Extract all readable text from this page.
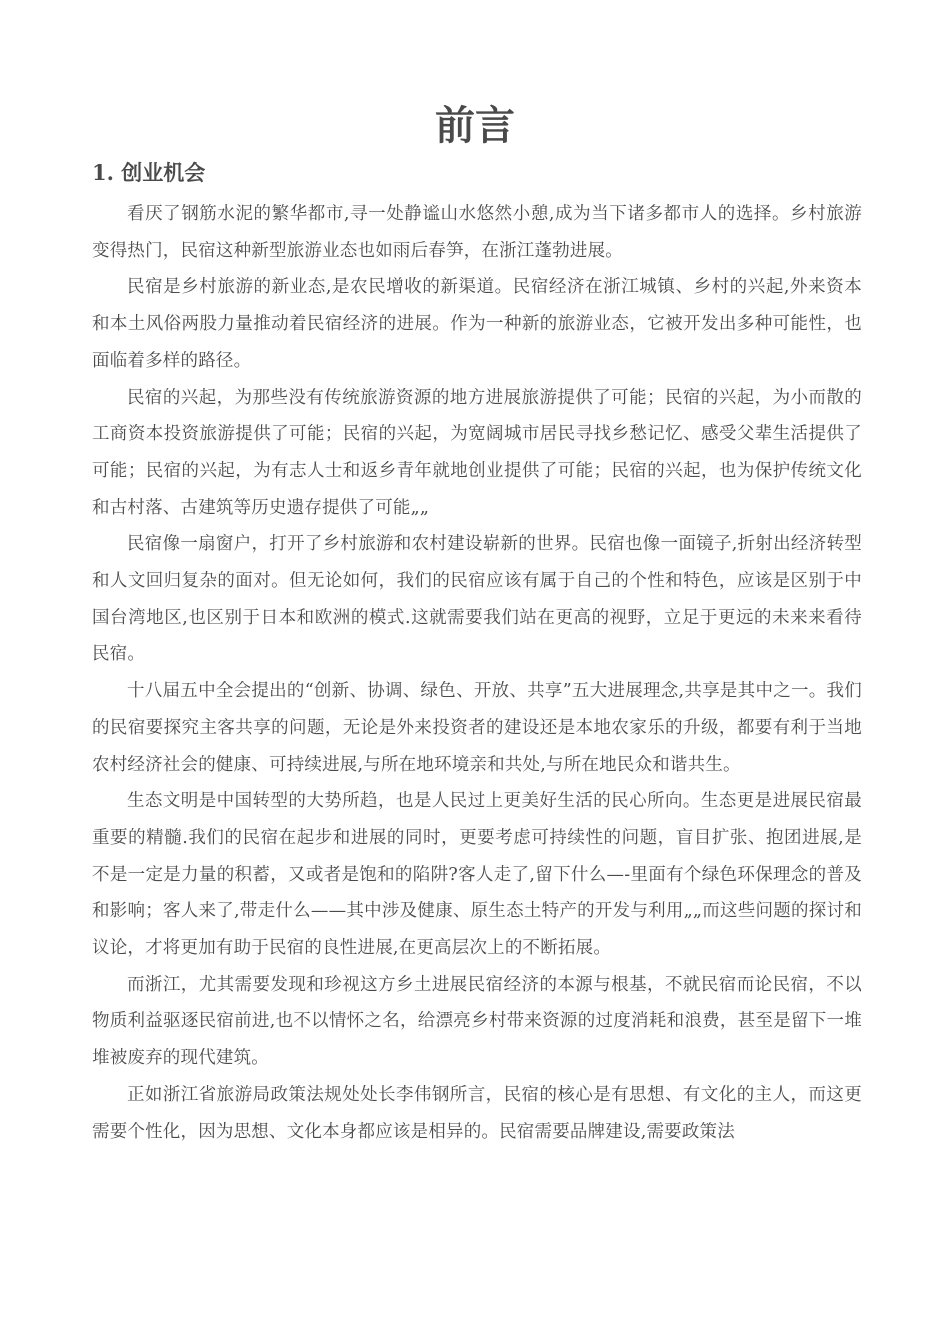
前言
1. 创业机会

看厌了钢筋水泥的繁华都市,寻一处静谧山水悠然小憩,成为当下诸多都市人的选择。乡村旅游变得热门，民宿这种新型旅游业态也如雨后春笋，在浙江蓬勃进展。

民宿是乡村旅游的新业态,是农民增收的新渠道。民宿经济在浙江城镇、乡村的兴起,外来资本和本土风俗两股力量推动着民宿经济的进展。作为一种新的旅游业态，它被开发出多种可能性，也面临着多样的路径。

民宿的兴起，为那些没有传统旅游资源的地方进展旅游提供了可能；民宿的兴起，为小而散的工商资本投资旅游提供了可能；民宿的兴起，为宽阔城市居民寻找乡愁记忆、感受父辈生活提供了可能；民宿的兴起，为有志人士和返乡青年就地创业提供了可能；民宿的兴起，也为保护传统文化和古村落、古建筑等历史遗存提供了可能„„

民宿像一扇窗户，打开了乡村旅游和农村建设崭新的世界。民宿也像一面镜子,折射出经济转型和人文回归复杂的面对。但无论如何，我们的民宿应该有属于自己的个性和特色，应该是区别于中国台湾地区,也区别于日本和欧洲的模式.这就需要我们站在更高的视野，立足于更远的未来来看待民宿。

十八届五中全会提出的“创新、协调、绿色、开放、共享”五大进展理念,共享是其中之一。我们的民宿要探究主客共享的问题，无论是外来投资者的建设还是本地农家乐的升级，都要有利于当地农村经济社会的健康、可持续进展,与所在地环境亲和共处,与所在地民众和谐共生。

生态文明是中国转型的大势所趋，也是人民过上更美好生活的民心所向。生态更是进展民宿最重要的精髓.我们的民宿在起步和进展的同时，更要考虑可持续性的问题，盲目扩张、抱团进展,是不是一定是力量的积蓄，又或者是饱和的陷阱?客人走了,留下什么—-里面有个绿色环保理念的普及和影响；客人来了,带走什么——其中涉及健康、原生态土特产的开发与利用„„而这些问题的探讨和议论，才将更加有助于民宿的良性进展,在更高层次上的不断拓展。

而浙江，尤其需要发现和珍视这方乡土进展民宿经济的本源与根基，不就民宿而论民宿，不以物质利益驱逐民宿前进,也不以情怀之名，给漂亮乡村带来资源的过度消耗和浪费，甚至是留下一堆堆被废弃的现代建筑。

正如浙江省旅游局政策法规处处长李伟钢所言，民宿的核心是有思想、有文化的主人，而这更需要个性化，因为思想、文化本身都应该是相异的。民宿需要品牌建设,需要政策法
